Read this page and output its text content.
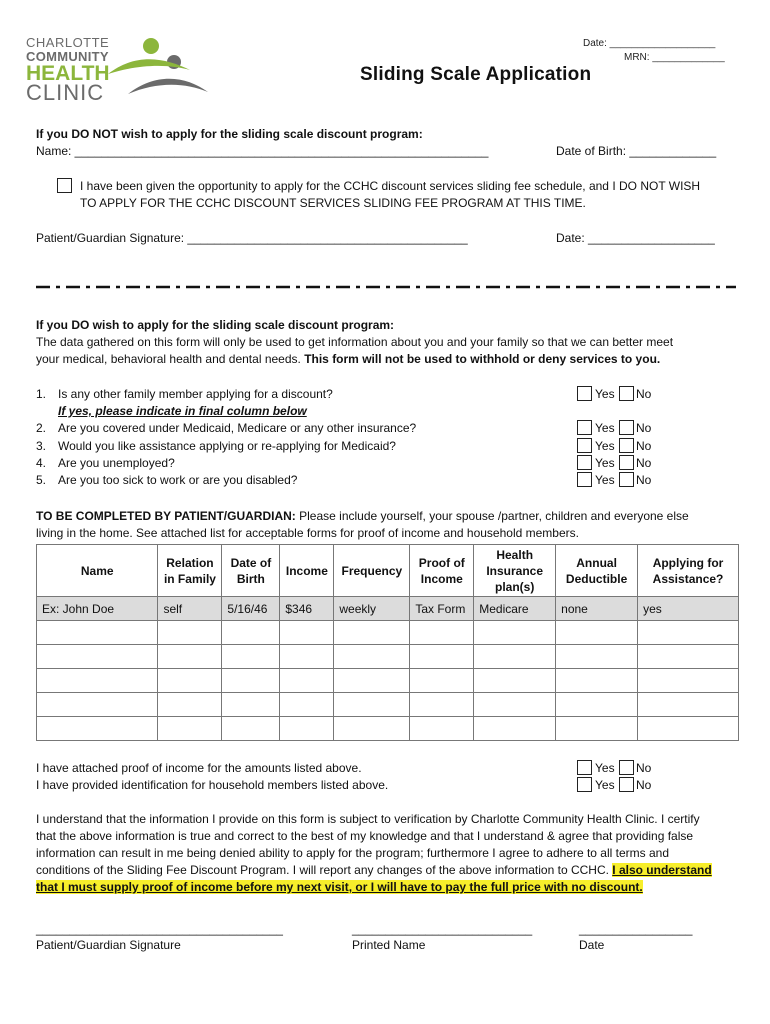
CHARLOTTE
COMMUNITY
HEALTH
CLINIC
Date: ___________________
MRN: _____________
Sliding Scale Application
If you DO NOT wish to apply for the sliding scale discount program:
Name: ______________________________________________________________	Date of Birth: _____________
I have been given the opportunity to apply for the CCHC discount services sliding fee schedule, and I DO NOT WISH
TO APPLY FOR THE CCHC DISCOUNT SERVICES SLIDING FEE PROGRAM AT THIS TIME.
Patient/Guardian Signature: __________________________________________	Date: ___________________
If you DO wish to apply for the sliding scale discount program:
The data gathered on this form will only be used to get information about you and your family so that we can better meet
your medical, behavioral health and dental needs. This form will not be used to withhold or deny services to you.
1. Is any other family member applying for a discount?
If yes, please indicate in final column below
2. Are you covered under Medicaid, Medicare or any other insurance?
3. Would you like assistance applying or re-applying for Medicaid?
4. Are you unemployed?
5. Are you too sick to work or are you disabled?
Yes No
Yes No
Yes No
Yes No
Yes No
TO BE COMPLETED BY PATIENT/GUARDIAN: Please include yourself, your spouse /partner, children and everyone else
living in the home. See attached list for acceptable forms for proof of income and household members.
Name	Relation in Family	Date of Birth	Income	Frequency	Proof of Income	Health Insurance plan(s)	Annual Deductible	Applying for Assistance?
Ex: John Doe	self	5/16/46	$346	weekly	Tax Form	Medicare	none	yes

I have attached proof of income for the amounts listed above.
I have provided identification for household members listed above.
Yes No
Yes No
I understand that the information I provide on this form is subject to verification by Charlotte Community Health Clinic. I certify
that the above information is true and correct to the best of my knowledge and that I understand & agree that providing false
information can result in me being denied ability to apply for the program; furthermore I agree to adhere to all terms and
conditions of the Sliding Fee Discount Program. I will report any changes of the above information to CCHC. I also understand
that I must supply proof of income before my next visit, or I will have to pay the full price with no discount.
_____________________________________
Patient/Guardian Signature
___________________________
Printed Name
_________________
Date
